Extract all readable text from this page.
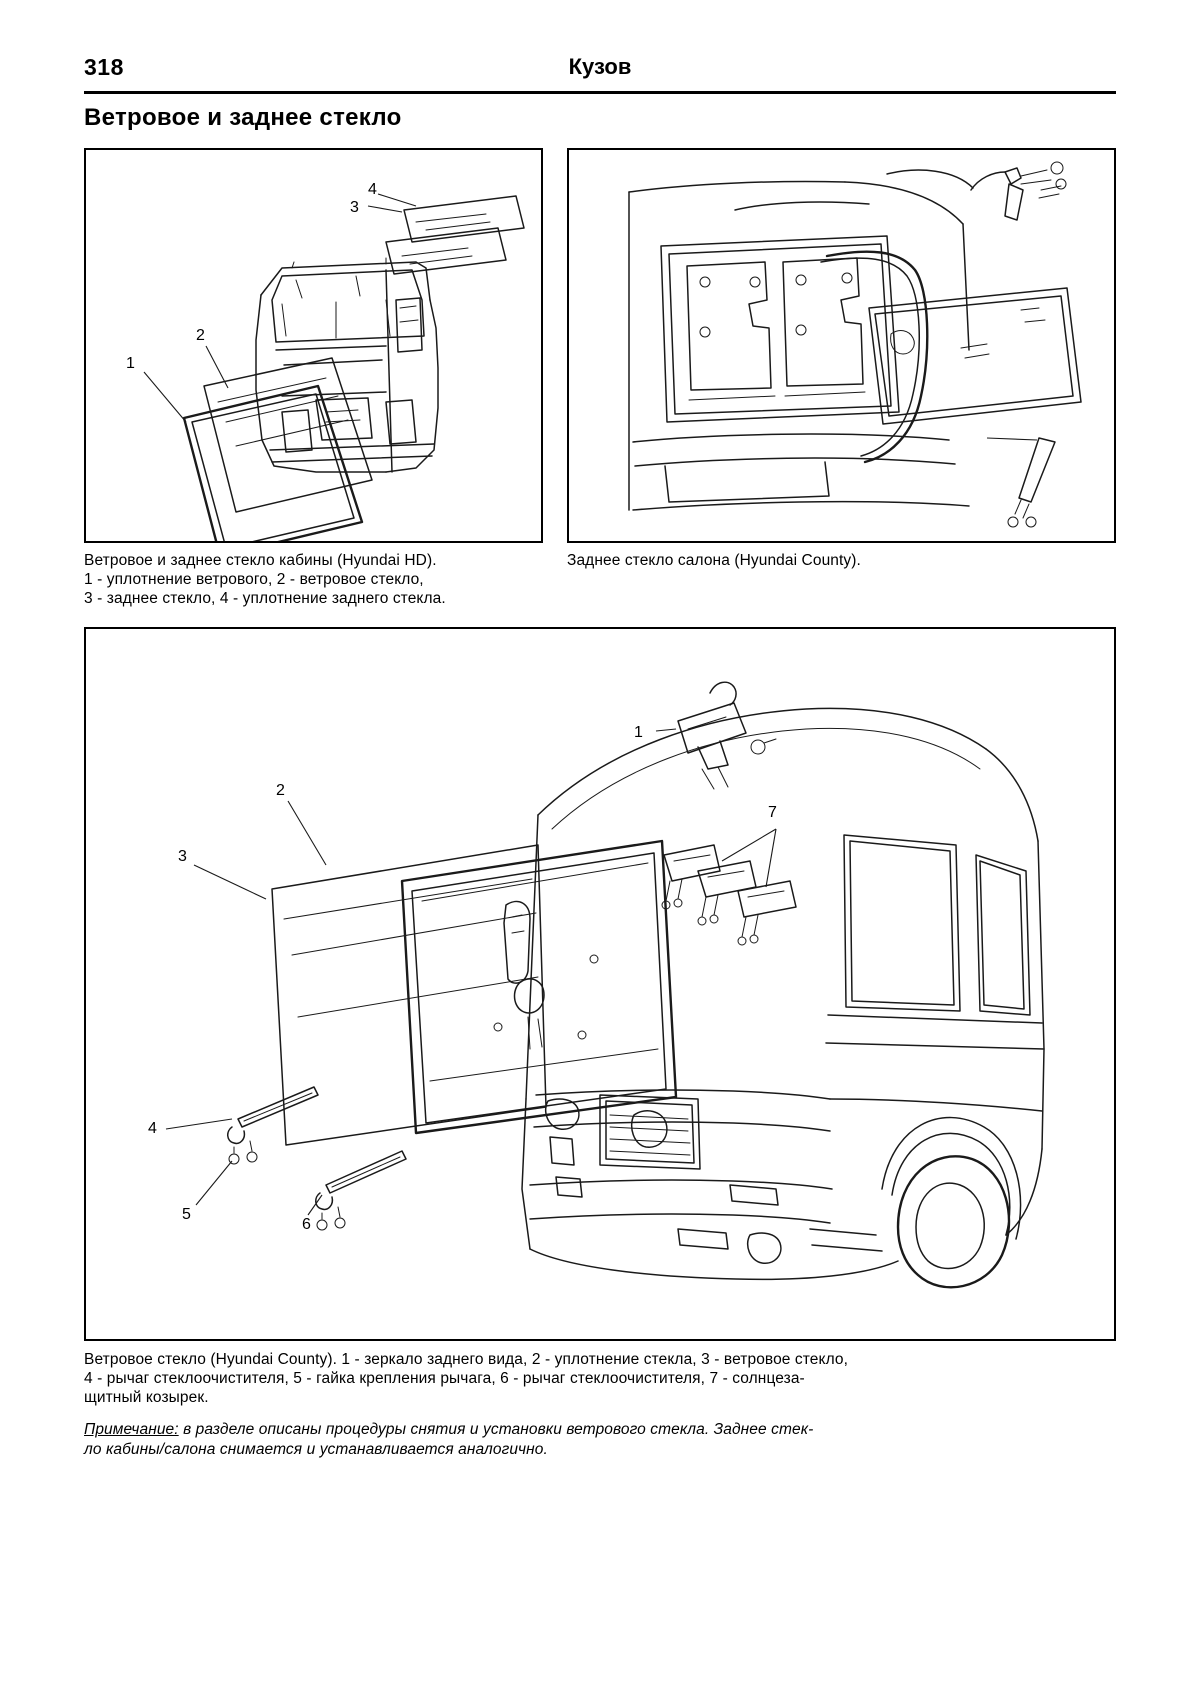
318	Кузов
Ветровое и заднее стекло
3
4
1
2
Ветровое и заднее стекло кабины (Hyundai HD).
1 - уплотнение ветрового, 2 - ветровое стекло,
3 - заднее стекло, 4 - уплотнение заднего стекла.
Заднее стекло салона (Hyundai County).
1
7
2
3
4
5
6
Ветровое стекло (Hyundai County). 1 - зеркало заднего вида, 2 - уплотнение стекла, 3 - ветровое стекло,
4 - рычаг стеклоочистителя, 5 - гайка крепления рычага, 6 - рычаг стеклоочистителя, 7 - солнцеза-
щитный козырек.
Примечание: в разделе описаны процедуры снятия и установки ветрового стекла. Заднее стек-
ло кабины/салона снимается и устанавливается аналогично.
